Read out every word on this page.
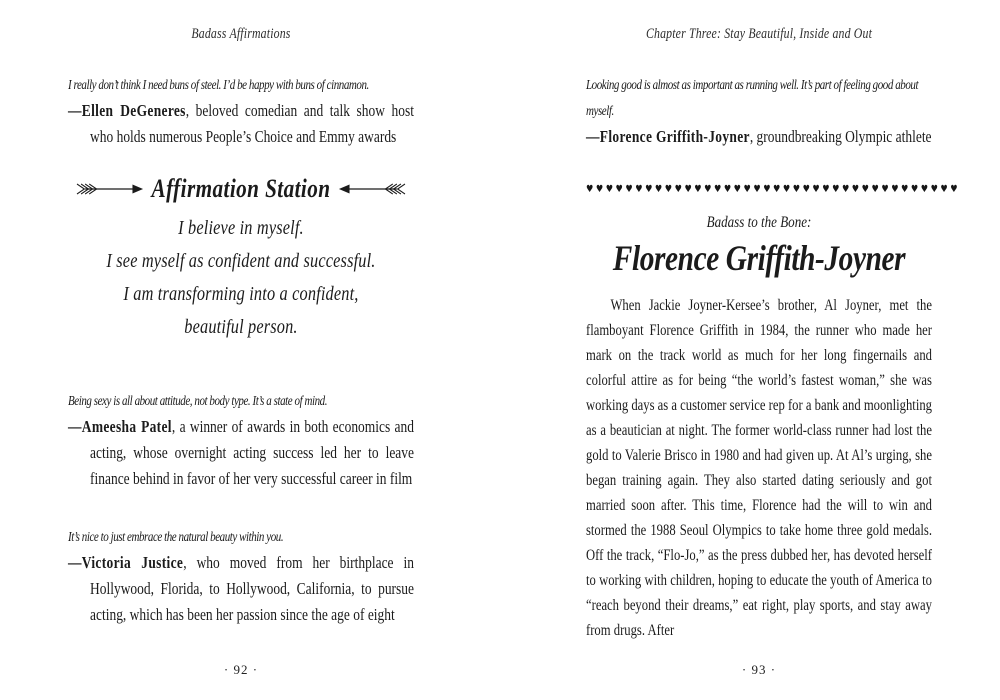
Badass Affirmations

I really don’t think I need buns of steel. I’d be happy with buns of cinnamon.

—Ellen DeGeneres, beloved comedian and talk show host who holds numerous People’s Choice and Emmy awards

Affirmation Station

I believe in myself.

I see myself as confident and successful.

I am transforming into a confident,

beautiful person.

Being sexy is all about attitude, not body type. It’s a state of mind.

—Ameesha Patel, a winner of awards in both economics and acting, whose overnight acting success led her to leave finance behind in favor of her very successful career in film

It’s nice to just embrace the natural beauty within you.

—Victoria Justice, who moved from her birthplace in Hollywood, Florida, to Hollywood, California, to pursue acting, which has been her passion since the age of eight

· 92 ·
Chapter Three: Stay Beautiful, Inside and Out

Looking good is almost as important as running well. It’s part of feeling good about myself.

—Florence Griffith-Joyner, groundbreaking Olympic athlete

♥♥♥♥♥♥♥♥♥♥♥♥♥♥♥♥♥♥♥♥♥♥♥♥♥♥♥♥♥♥♥♥♥♥♥♥♥♥
Badass to the Bone:
Florence Griffith-Joyner

When Jackie Joyner-Kersee’s brother, Al Joyner, met the flamboyant Florence Griffith in 1984, the runner who made her mark on the track world as much for her long fingernails and colorful attire as for being “the world’s fastest woman,” she was working days as a customer service rep for a bank and moonlighting as a beautician at night. The former world-class runner had lost the gold to Valerie Brisco in 1980 and had given up. At Al’s urging, she began training again. They also started dating seriously and got married soon after. This time, Florence had the will to win and stormed the 1988 Seoul Olympics to take home three gold medals. Off the track, “Flo-Jo,” as the press dubbed her, has devoted herself to working with children, hoping to educate the youth of America to “reach beyond their dreams,” eat right, play sports, and stay away from drugs. After

· 93 ·
